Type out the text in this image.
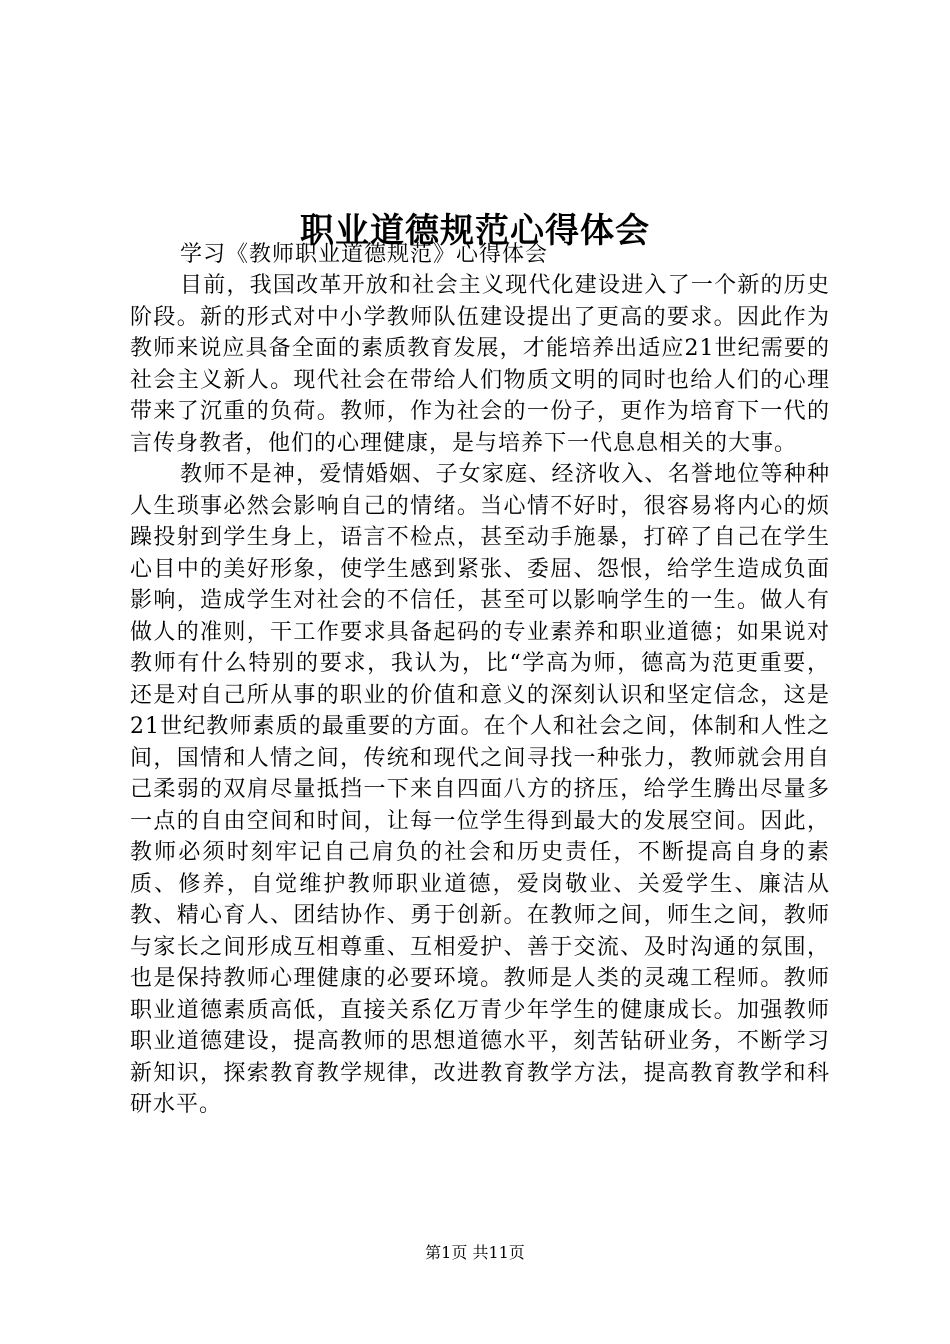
职业道德规范心得体会

学习《教师职业道德规范》心得体会

目前，我国改革开放和社会主义现代化建设进入了一个新的历史阶段。新的形式对中小学教师队伍建设提出了更高的要求。因此作为教师来说应具备全面的素质教育发展，才能培养出适应21世纪需要的社会主义新人。现代社会在带给人们物质文明的同时也给人们的心理带来了沉重的负荷。教师，作为社会的一份子，更作为培育下一代的言传身教者，他们的心理健康，是与培养下一代息息相关的大事。

教师不是神，爱情婚姻、子女家庭、经济收入、名誉地位等种种人生琐事必然会影响自己的情绪。当心情不好时，很容易将内心的烦躁投射到学生身上，语言不检点，甚至动手施暴，打碎了自己在学生心目中的美好形象，使学生感到紧张、委屈、怨恨，给学生造成负面影响，造成学生对社会的不信任，甚至可以影响学生的一生。做人有做人的准则，干工作要求具备起码的专业素养和职业道德；如果说对教师有什么特别的要求，我认为，比“学高为师，德高为范更重要，还是对自己所从事的职业的价值和意义的深刻认识和坚定信念，这是21世纪教师素质的最重要的方面。在个人和社会之间，体制和人性之间，国情和人情之间，传统和现代之间寻找一种张力，教师就会用自己柔弱的双肩尽量抵挡一下来自四面八方的挤压，给学生腾出尽量多一点的自由空间和时间，让每一位学生得到最大的发展空间。因此，教师必须时刻牢记自己肩负的社会和历史责任，不断提高自身的素质、修养，自觉维护教师职业道德，爱岗敬业、关爱学生、廉洁从教、精心育人、团结协作、勇于创新。在教师之间，师生之间，教师与家长之间形成互相尊重、互相爱护、善于交流、及时沟通的氛围，也是保持教师心理健康的必要环境。教师是人类的灵魂工程师。教师职业道德素质高低，直接关系亿万青少年学生的健康成长。加强教师职业道德建设，提高教师的思想道德水平，刻苦钻研业务，不断学习新知识，探索教育教学规律，改进教育教学方法，提高教育教学和科研水平。

第1页 共11页
